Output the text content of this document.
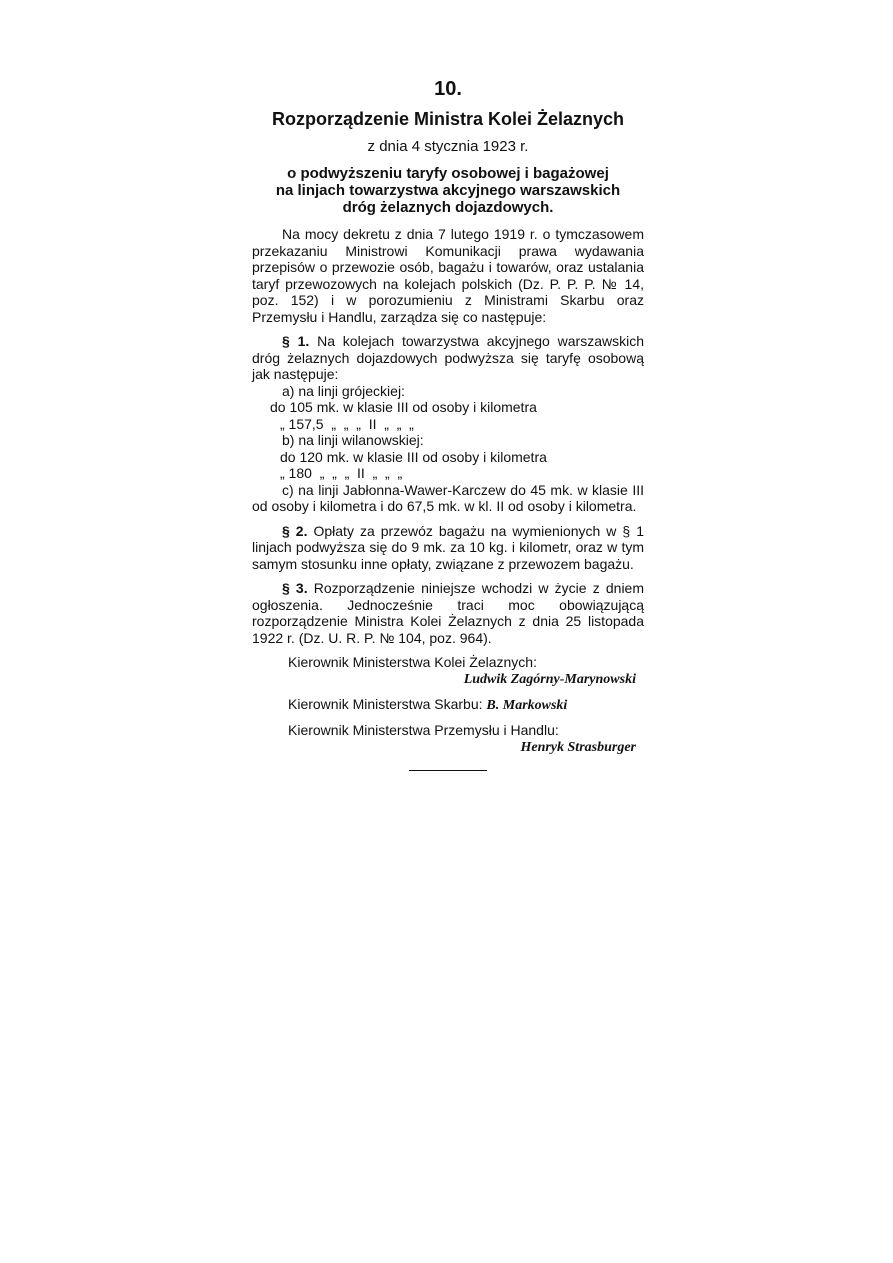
10.
Rozporządzenie Ministra Kolei Żelaznych
z dnia 4 stycznia 1923 r.
o podwyższeniu taryfy osobowej i bagażowej
na linjach towarzystwa akcyjnego warszawskich
dróg żelaznych dojazdowych.

Na mocy dekretu z dnia 7 lutego 1919 r. o tymczasowem przekazaniu Ministrowi Komunikacji prawa wydawania przepisów o przewozie osób, bagażu i towarów, oraz ustalania taryf przewozowych na kolejach polskich (Dz. P. P. P. № 14, poz. 152) i w porozumieniu z Ministrami Skarbu oraz Przemysłu i Handlu, zarządza się co następuje:

§ 1. Na kolejach towarzystwa akcyjnego warszawskich dróg żelaznych dojazdowych podwyższa się taryfę osobową jak następuje:

a) na linji grójeckiej:
do 105 mk. w klasie III od osoby i kilometra
„ 157,5  „  „  „  II  „  „  „
b) na linji wilanowskiej:
do 120 mk. w klasie III od osoby i kilometra
„ 180  „  „  „  II  „  „  „

c) na linji Jabłonna-Wawer-Karczew do 45 mk. w klasie III od osoby i kilometra i do 67,5 mk. w kl. II od osoby i kilometra.

§ 2. Opłaty za przewóz bagażu na wymienionych w § 1 linjach podwyższa się do 9 mk. za 10 kg. i kilometr, oraz w tym samym stosunku inne opłaty, związane z przewozem bagażu.

§ 3. Rozporządzenie niniejsze wchodzi w życie z dniem ogłoszenia. Jednocześnie traci moc obowiązującą rozporządzenie Ministra Kolei Żelaznych z dnia 25 listopada 1922 r. (Dz. U. R. P. № 104, poz. 964).

Kierownik Ministerstwa Kolei Żelaznych:
Ludwik Zagórny-Marynowski
Kierownik Ministerstwa Skarbu: B. Markowski
Kierownik Ministerstwa Przemysłu i Handlu:
Henryk Strasburger
